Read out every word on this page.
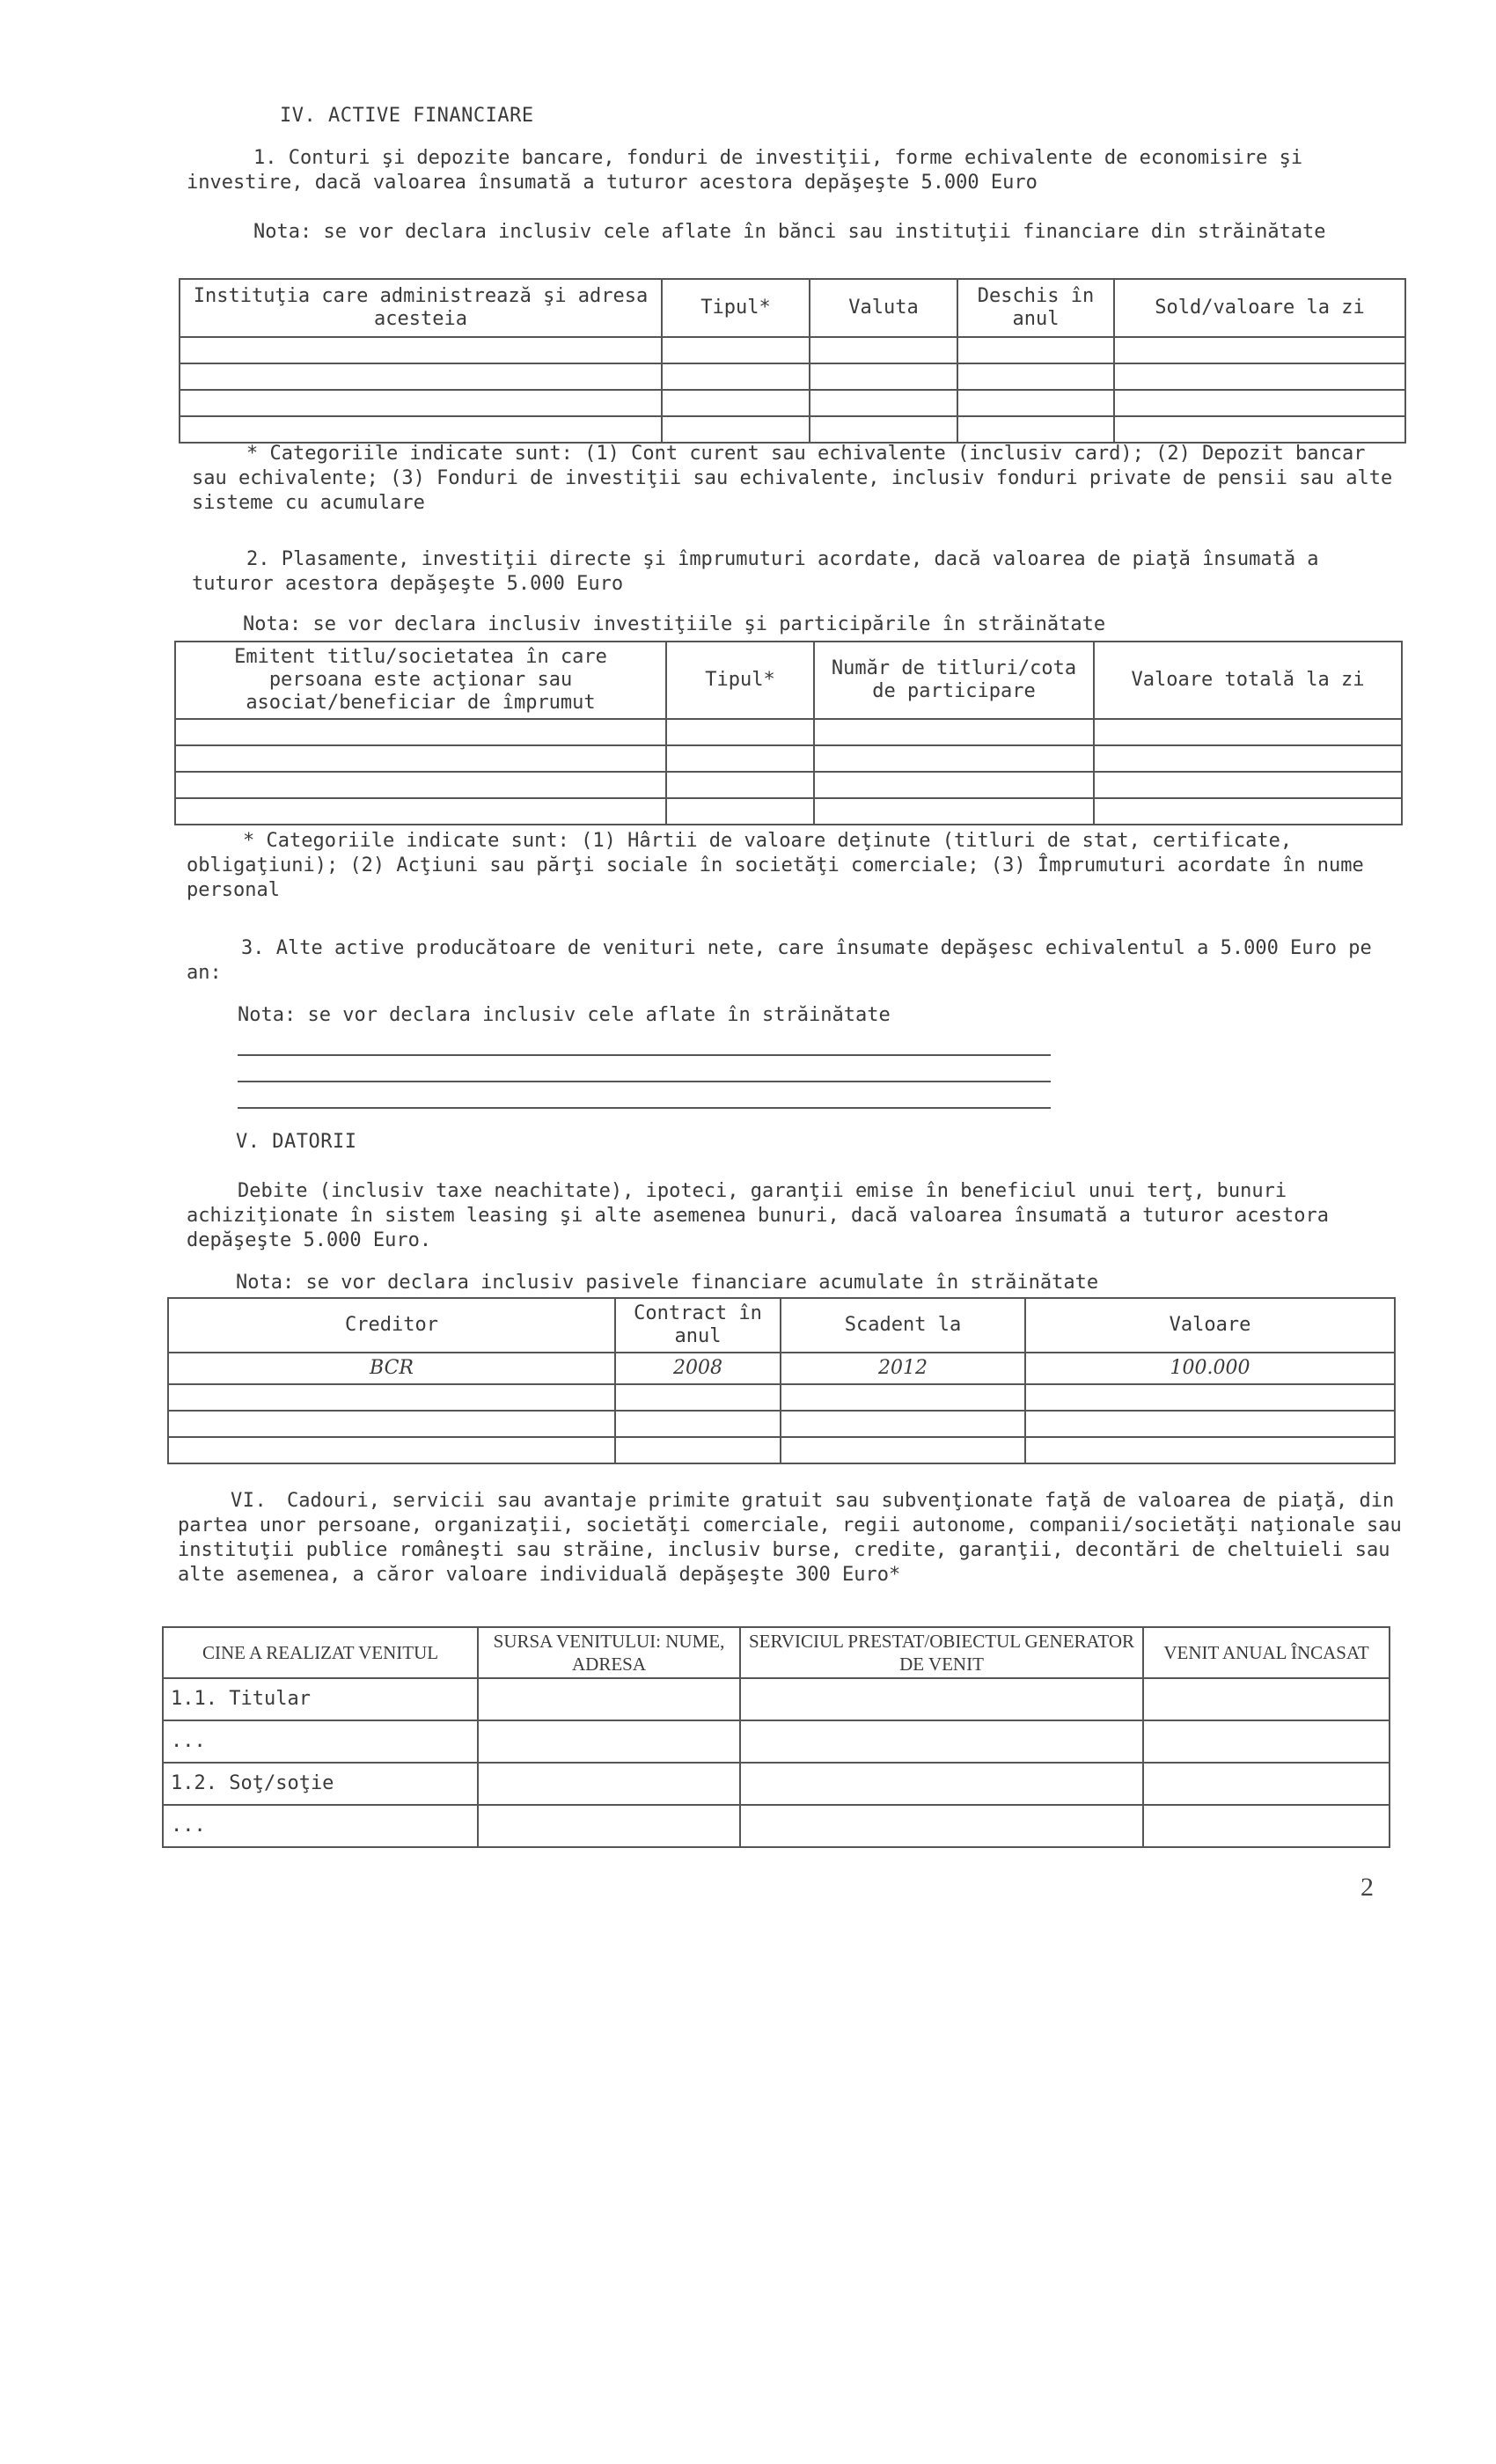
IV. ACTIVE FINANCIARE
1. Conturi şi depozite bancare, fonduri de investiţii, forme echivalente de economisire şi investire, dacă valoarea însumată a tuturor acestora depăşeşte 5.000 Euro
Nota: se vor declara inclusiv cele aflate în bănci sau instituţii financiare din străinătate
Instituţia care administrează şi adresa acesteia	Tipul*	Valuta	Deschis în anul	Sold/valoare la zi

* Categoriile indicate sunt: (1) Cont curent sau echivalente (inclusiv card); (2) Depozit bancar sau echivalente; (3) Fonduri de investiţii sau echivalente, inclusiv fonduri private de pensii sau alte sisteme cu acumulare
2. Plasamente, investiţii directe şi împrumuturi acordate, dacă valoarea de piaţă însumată a tuturor acestora depăşeşte 5.000 Euro
Nota: se vor declara inclusiv investiţiile şi participările în străinătate
Emitent titlu/societatea în care persoana este acţionar sau asociat/beneficiar de împrumut	Tipul*	Număr de titluri/cota de participare	Valoare totală la zi

* Categoriile indicate sunt: (1) Hârtii de valoare deţinute (titluri de stat, certificate, obligaţiuni); (2) Acţiuni sau părţi sociale în societăţi comerciale; (3) Împrumuturi acordate în nume personal
3. Alte active producătoare de venituri nete, care însumate depăşesc echivalentul a 5.000 Euro pe an:
Nota: se vor declara inclusiv cele aflate în străinătate
V. DATORII
Debite (inclusiv taxe neachitate), ipoteci, garanţii emise în beneficiul unui terţ, bunuri achiziţionate în sistem leasing şi alte asemenea bunuri, dacă valoarea însumată a tuturor acestora depăşeşte 5.000 Euro.
Nota: se vor declara inclusiv pasivele financiare acumulate în străinătate
Creditor	Contract în anul	Scadent la	Valoare
BCR	2008	2012	100.000

VI. Cadouri, servicii sau avantaje primite gratuit sau subvenţionate faţă de valoarea de piaţă, din partea unor persoane, organizaţii, societăţi comerciale, regii autonome, companii/societăţi naţionale sau instituţii publice româneşti sau străine, inclusiv burse, credite, garanţii, decontări de cheltuieli sau alte asemenea, a căror valoare individuală depăşeşte 300 Euro*
CINE A REALIZAT VENITUL	SURSA VENITULUI: NUME, ADRESA	SERVICIUL PRESTAT/OBIECTUL GENERATOR DE VENIT	VENIT ANUAL ÎNCASAT
1.1. Titular			
...			
1.2. Soţ/soţie			
...			
2
